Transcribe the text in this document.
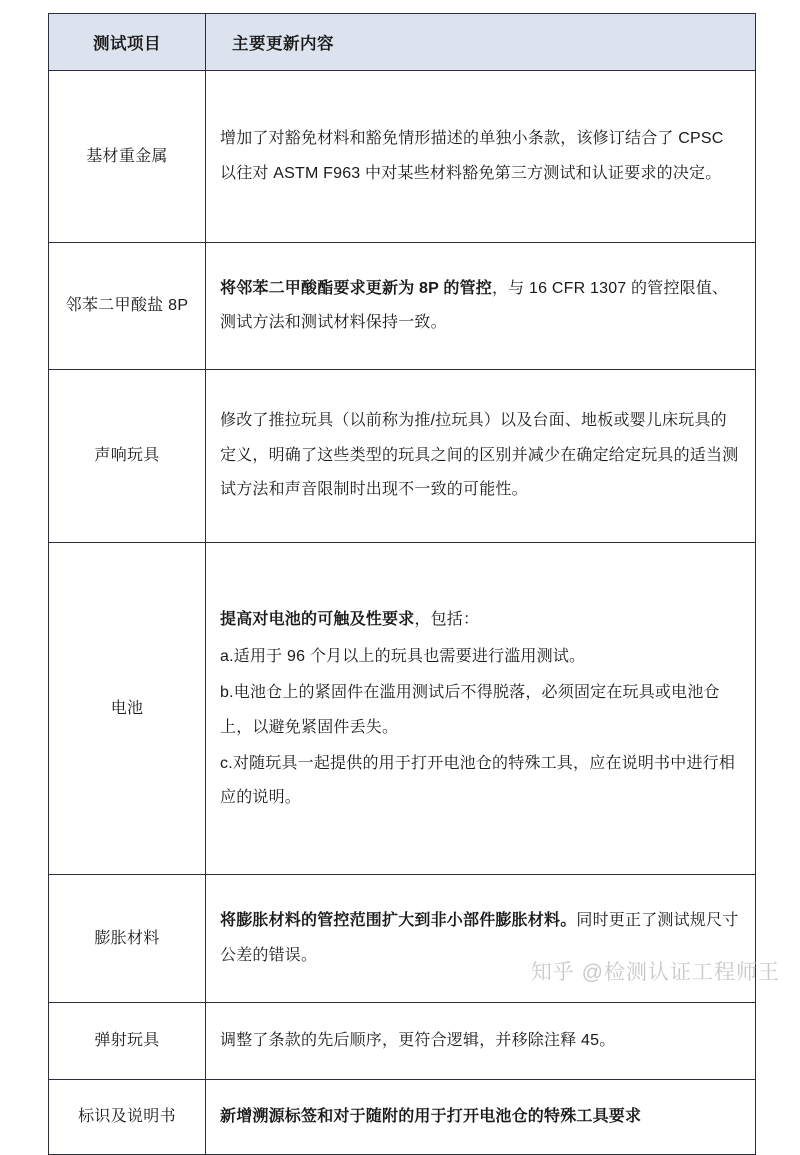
测试项目	主要更新内容
基材重金属	增加了对豁免材料和豁免情形描述的单独小条款，该修订结合了 CPSC 以往对 ASTM F963 中对某些材料豁免第三方测试和认证要求的决定。

邻苯二甲酸盐 8P	将邻苯二甲酸酯要求更新为 8P 的管控，与 16 CFR 1307 的管控限值、测试方法和测试材料保持一致。

声响玩具	修改了推拉玩具（以前称为推/拉玩具）以及台面、地板或婴儿床玩具的定义，明确了这些类型的玩具之间的区别并减少在确定给定玩具的适当测试方法和声音限制时出现不一致的可能性。

电池	提高对电池的可触及性要求，包括：

a.适用于 96 个月以上的玩具也需要进行滥用测试。

b.电池仓上的紧固件在滥用测试后不得脱落，必须固定在玩具或电池仓上，以避免紧固件丢失。

c.对随玩具一起提供的用于打开电池仓的特殊工具，应在说明书中进行相应的说明。

膨胀材料	将膨胀材料的管控范围扩大到非小部件膨胀材料。同时更正了测试规尺寸公差的错误。

弹射玩具	调整了条款的先后顺序，更符合逻辑，并移除注释 45。

标识及说明书	新增溯源标签和对于随附的用于打开电池仓的特殊工具要求

知乎 @检测认证工程师王
